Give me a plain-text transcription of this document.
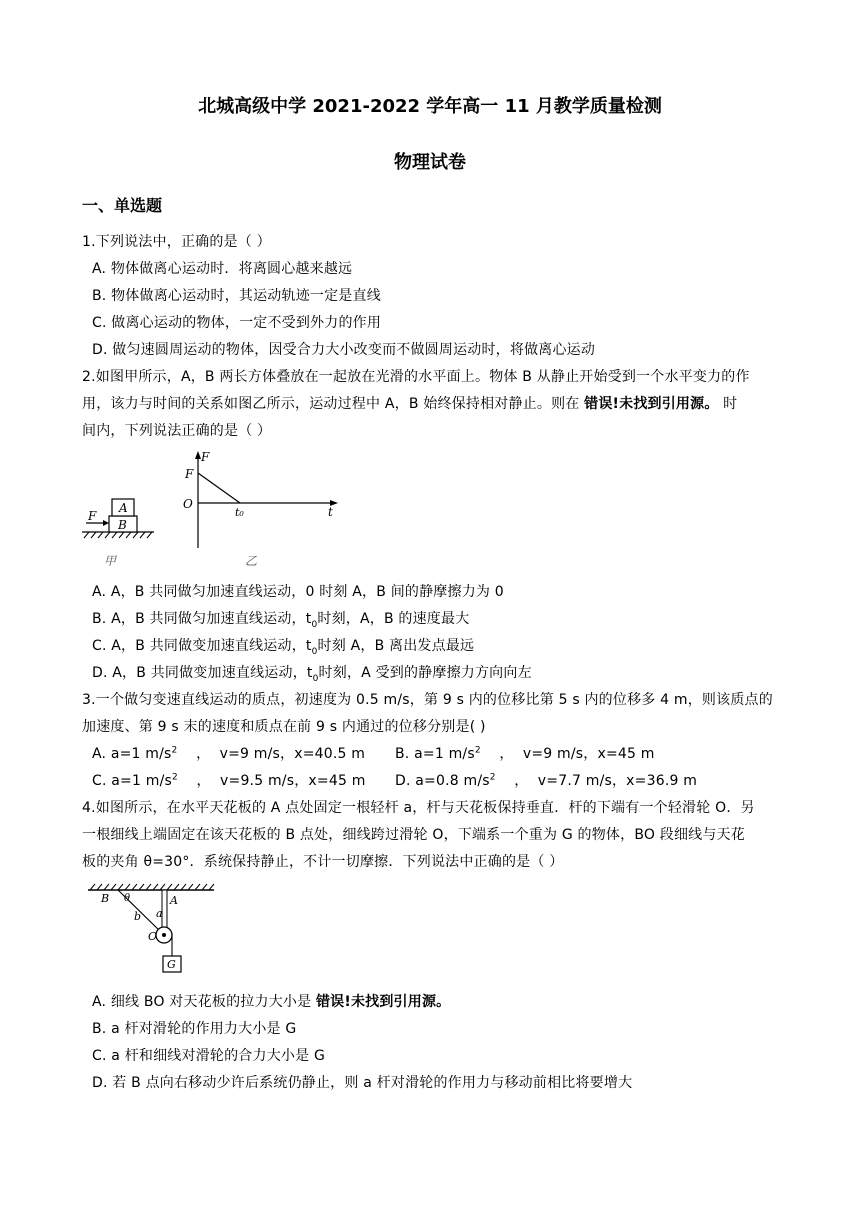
北城高级中学 2021-2022 学年高一 11 月教学质量检测
物理试卷
一、单选题
1.下列说法中，正确的是（ ）
A. 物体做离心运动时．将离圆心越来越远
B. 物体做离心运动时，其运动轨迹一定是直线
C. 做离心运动的物体，一定不受到外力的作用
D. 做匀速圆周运动的物体，因受合力大小改变而不做圆周运动时，将做离心运动
2.如图甲所示，A，B 两长方体叠放在一起放在光滑的水平面上。物体 B 从静止开始受到一个水平变力的作
用，该力与时间的关系如图乙所示，运动过程中 A，B 始终保持相对静止。则在 错误!未找到引用源。 时
间内，下列说法正确的是（ ）
A
B
F
甲
F
F
O
t₀	t
乙
A. A，B 共同做匀加速直线运动，0 时刻 A，B 间的静摩擦力为 0
B. A，B 共同做匀加速直线运动，$t_0$时刻，A，B 的速度最大
C. A，B 共同做变加速直线运动，$t_0$时刻 A，B 离出发点最远
D. A，B 共同做变加速直线运动，$t_0$时刻，A 受到的静摩擦力方向向左
3.一个做匀变速直线运动的质点，初速度为 0.5 m/s，第 9 s 内的位移比第 5 s 内的位移多 4 m，则该质点的
加速度、第 9 s 末的速度和质点在前 9 s 内通过的位移分别是( )
A. a=1 $m/s^2$    ，  v=9 m/s，x=40.5 m B. a=1 $m/s^2$    ，  v=9 m/s，x=45 m
C. a=1 $m/s^2$    ，  v=9.5 m/s，x=45 m D. a=0.8 $m/s^2$    ，  v=7.7 m/s，x=36.9 m
4.如图所示，在水平天花板的 A 点处固定一根轻杆 a，杆与天花板保持垂直．杆的下端有一个轻滑轮 O．另
一根细线上端固定在该天花板的 B 点处，细线跨过滑轮 O，下端系一个重为 G 的物体，BO 段细线与天花
板的夹角 θ=30°．系统保持静止，不计一切摩擦．下列说法中正确的是（ ）
B θ	A
a
b
O
G
A. 细线 BO 对天花板的拉力大小是 错误!未找到引用源。
B. a 杆对滑轮的作用力大小是 G
C. a 杆和细线对滑轮的合力大小是 G
D. 若 B 点向右移动少许后系统仍静止，则 a 杆对滑轮的作用力与移动前相比将要增大
